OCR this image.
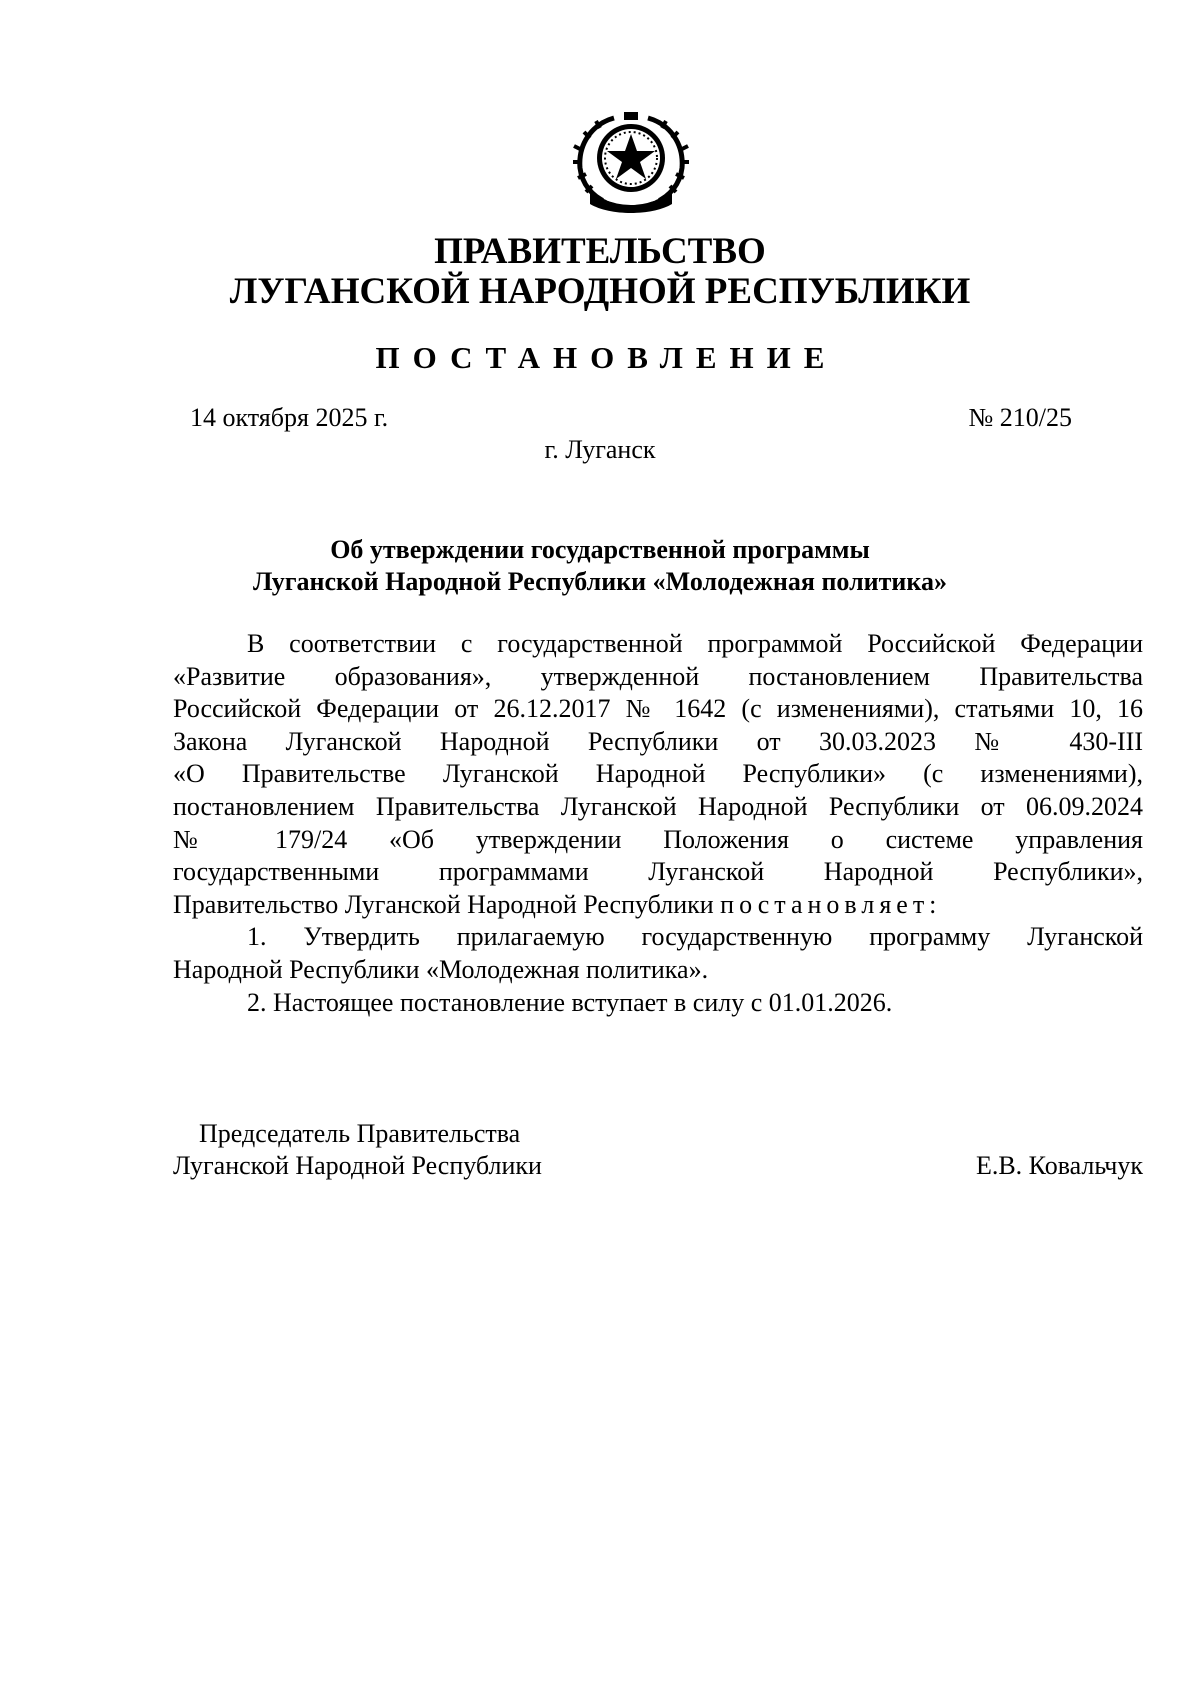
ПРАВИТЕЛЬСТВО
ЛУГАНСКОЙ НАРОДНОЙ РЕСПУБЛИКИ
ПОСТАНОВЛЕНИЕ
14 октября 2025 г.	№ 210/25
г. Луганск
Об утверждении государственной программы
Луганской Народной Республики «Молодежная политика»
В соответствии с государственной программой Российской Федерации
«Развитие образования», утвержденной постановлением Правительства
Российской Федерации от 26.12.2017 № 1642 (с изменениями), статьями 10, 16
Закона Луганской Народной Республики от 30.03.2023 № 430-III
«О Правительстве Луганской Народной Республики» (с изменениями),
постановлением Правительства Луганской Народной Республики от 06.09.2024
№ 179/24 «Об утверждении Положения о системе управления
государственными программами Луганской Народной Республики»,
Правительство Луганской Народной Республики постановляет:
1. Утвердить прилагаемую государственную программу Луганской
Народной Республики «Молодежная политика».
2. Настоящее постановление вступает в силу с 01.01.2026.
Председатель Правительства
Луганской Народной Республики	Е.В. Ковальчук
